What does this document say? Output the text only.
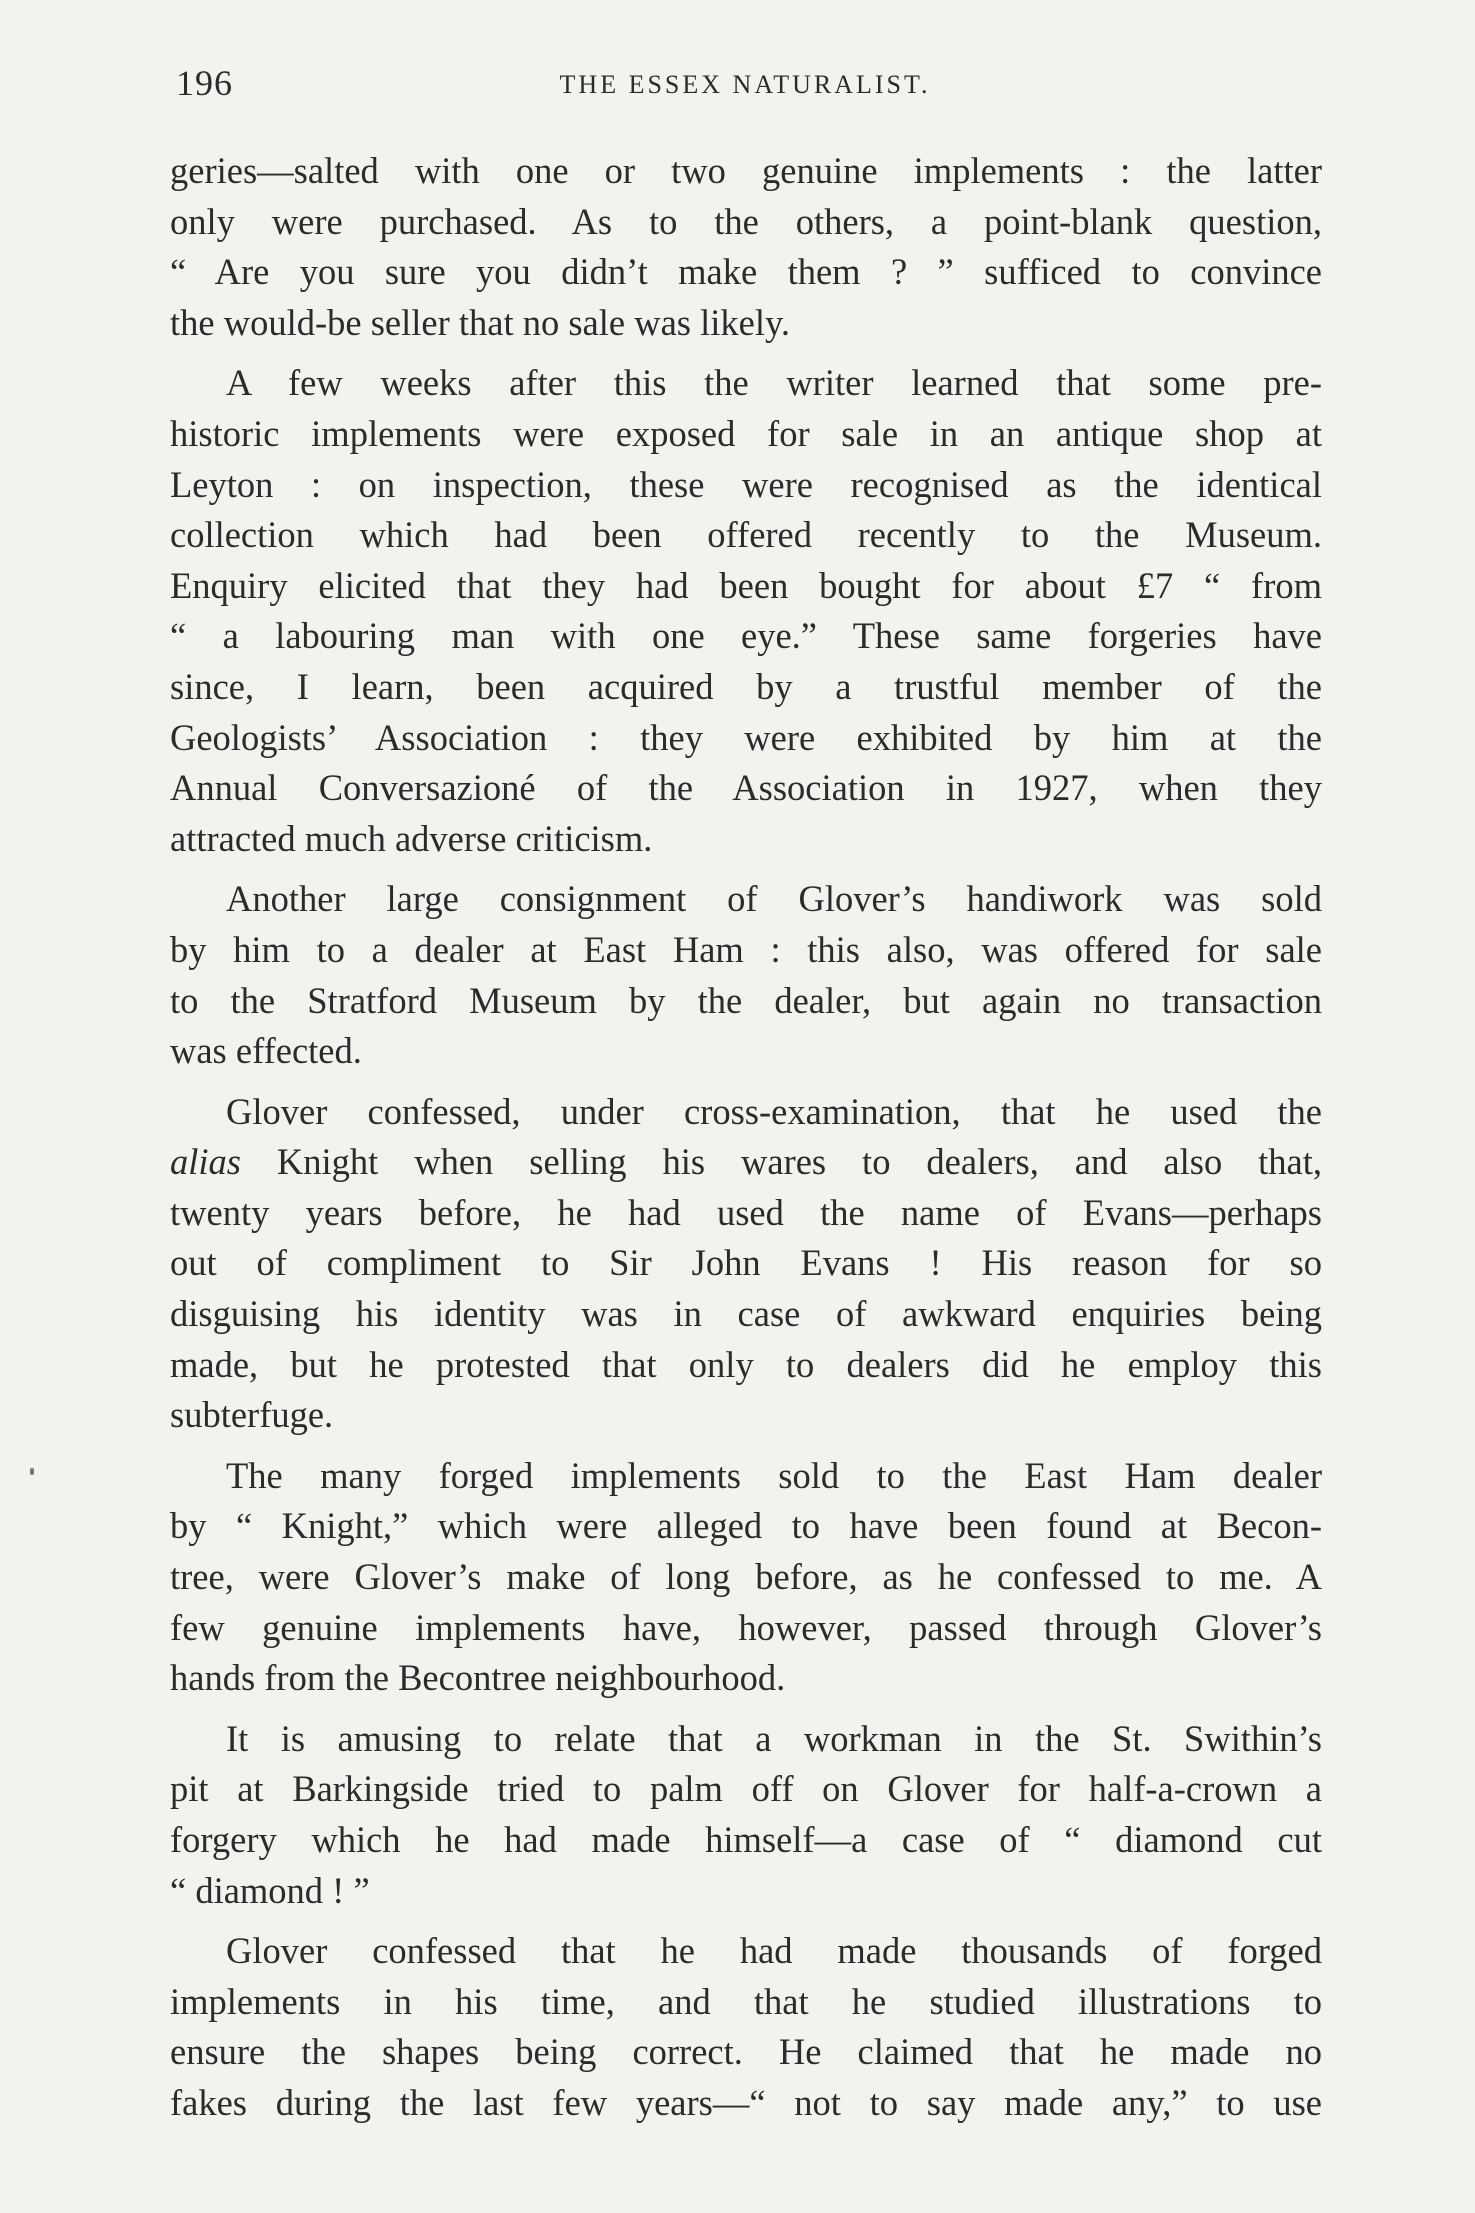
196	THE ESSEX NATURALIST.

geries—salted with one or two genuine implements : the latter
only were purchased. As to the others, a point-blank question,
“ Are you sure you didn’t make them ? ” sufficed to convince
the would-be seller that no sale was likely.

A few weeks after this the writer learned that some pre-
historic implements were exposed for sale in an antique shop at
Leyton : on inspection, these were recognised as the identical
collection which had been offered recently to the Museum.
Enquiry elicited that they had been bought for about £7 “ from
“ a labouring man with one eye.” These same forgeries have
since, I learn, been acquired by a trustful member of the
Geologists’ Association : they were exhibited by him at the
Annual Conversazioné of the Association in 1927, when they
attracted much adverse criticism.

Another large consignment of Glover’s handiwork was sold
by him to a dealer at East Ham : this also, was offered for sale
to the Stratford Museum by the dealer, but again no transaction
was effected.

Glover confessed, under cross-examination, that he used the
alias Knight when selling his wares to dealers, and also that,
twenty years before, he had used the name of Evans—perhaps
out of compliment to Sir John Evans ! His reason for so
disguising his identity was in case of awkward enquiries being
made, but he protested that only to dealers did he employ this
subterfuge.

The many forged implements sold to the East Ham dealer
by “ Knight,” which were alleged to have been found at Becon-
tree, were Glover’s make of long before, as he confessed to me. A
few genuine implements have, however, passed through Glover’s
hands from the Becontree neighbourhood.

It is amusing to relate that a workman in the St. Swithin’s
pit at Barkingside tried to palm off on Glover for half-a-crown a
forgery which he had made himself—a case of “ diamond cut
“ diamond ! ”

Glover confessed that he had made thousands of forged
implements in his time, and that he studied illustrations to
ensure the shapes being correct. He claimed that he made no
fakes during the last few years—“ not to say made any,” to use
